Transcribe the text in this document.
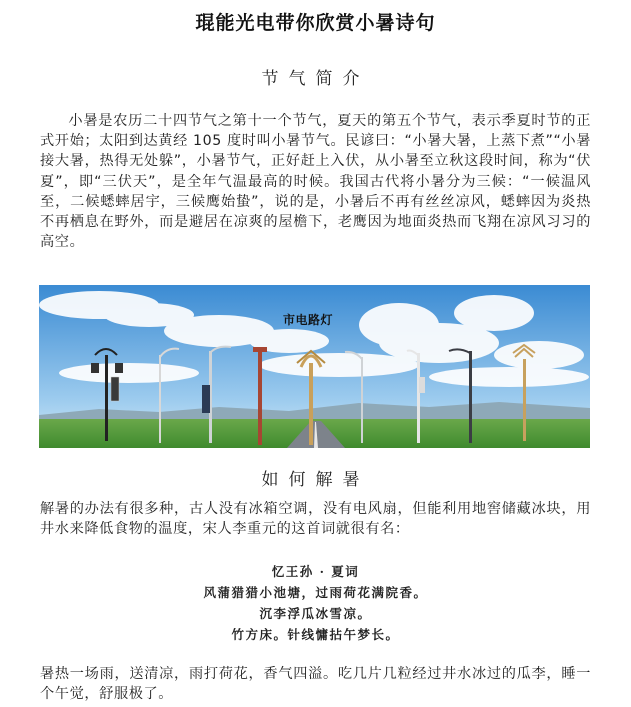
琨能光电带你欣赏小暑诗句
节气简介

小暑是农历二十四节气之第十一个节气，夏天的第五个节气，表示季夏时节的正式开始；太阳到达黄经 105 度时叫小暑节气。民谚曰：“小暑大暑，上蒸下煮”“小暑接大暑，热得无处躲”，小暑节气，正好赶上入伏，从小暑至立秋这段时间，称为“伏夏”，即“三伏天”，是全年气温最高的时候。我国古代将小暑分为三候：“一候温风至，二候蟋蟀居宇，三候鹰始蛰”，说的是，小暑后不再有丝丝凉风，蟋蟀因为炎热不再栖息在野外，而是避居在凉爽的屋檐下，老鹰因为地面炎热而飞翔在凉风习习的高空。

市电路灯
如何解暑

解暑的办法有很多种，古人没有冰箱空调，没有电风扇，但能利用地窖储藏冰块，用井水来降低食物的温度，宋人李重元的这首词就很有名：

忆王孙 · 夏词
风蒲猎猎小池塘，过雨荷花满院香。
沉李浮瓜冰雪凉。
竹方床。针线慵拈午梦长。

暑热一场雨，送清凉，雨打荷花，香气四溢。吃几片几粒经过井水冰过的瓜李，睡一个午觉，舒服极了。
